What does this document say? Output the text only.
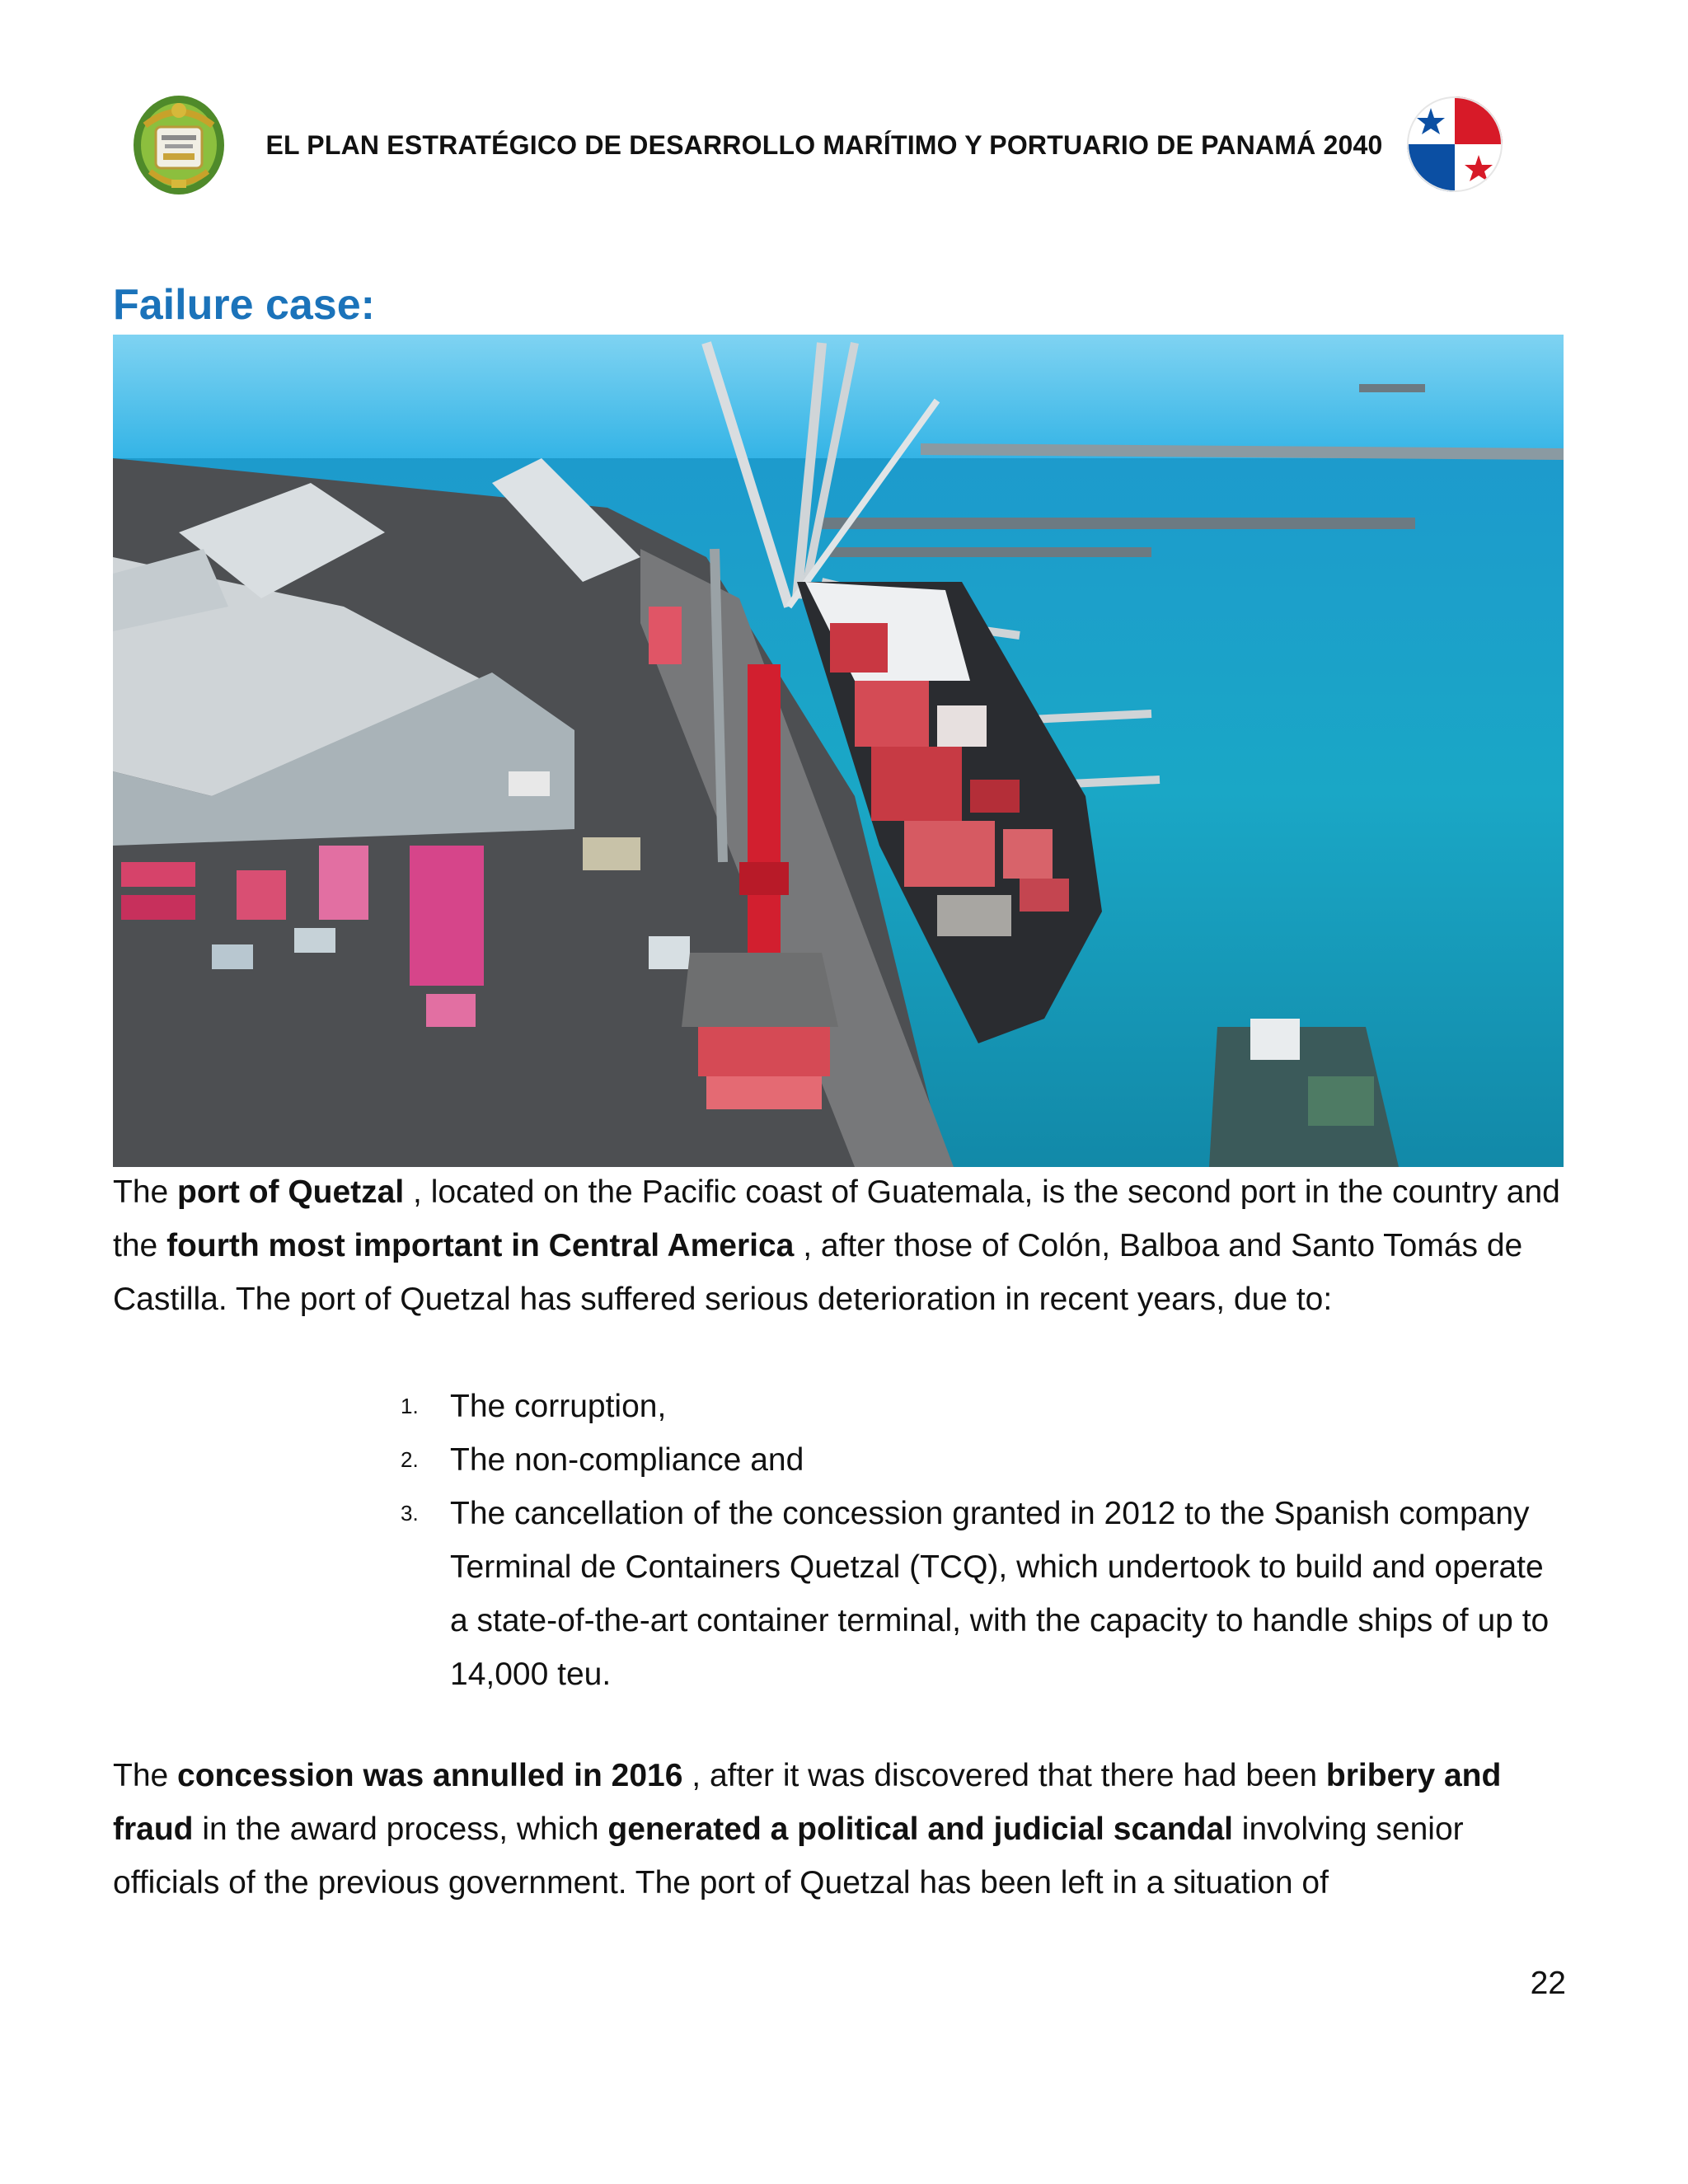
EL PLAN ESTRATÉGICO DE DESARROLLO MARÍTIMO Y PORTUARIO DE PANAMÁ 2040
Failure case:

The port of Quetzal , located on the Pacific coast of Guatemala, is the second port in the country and the fourth most important in Central America , after those of Colón, Balboa and Santo Tomás de Castilla. The port of Quetzal has suffered serious deterioration in recent years, due to:

1. The corruption,
2. The non-compliance and
3. The cancellation of the concession granted in 2012 to the Spanish company Terminal de Containers Quetzal (TCQ), which undertook to build and operate a state-of-the-art container terminal, with the capacity to handle ships of up to 14,000 teu.

The concession was annulled in 2016 , after it was discovered that there had been bribery and fraud in the award process, which generated a political and judicial scandal involving senior officials of the previous government. The port of Quetzal has been left in a situation of

22
